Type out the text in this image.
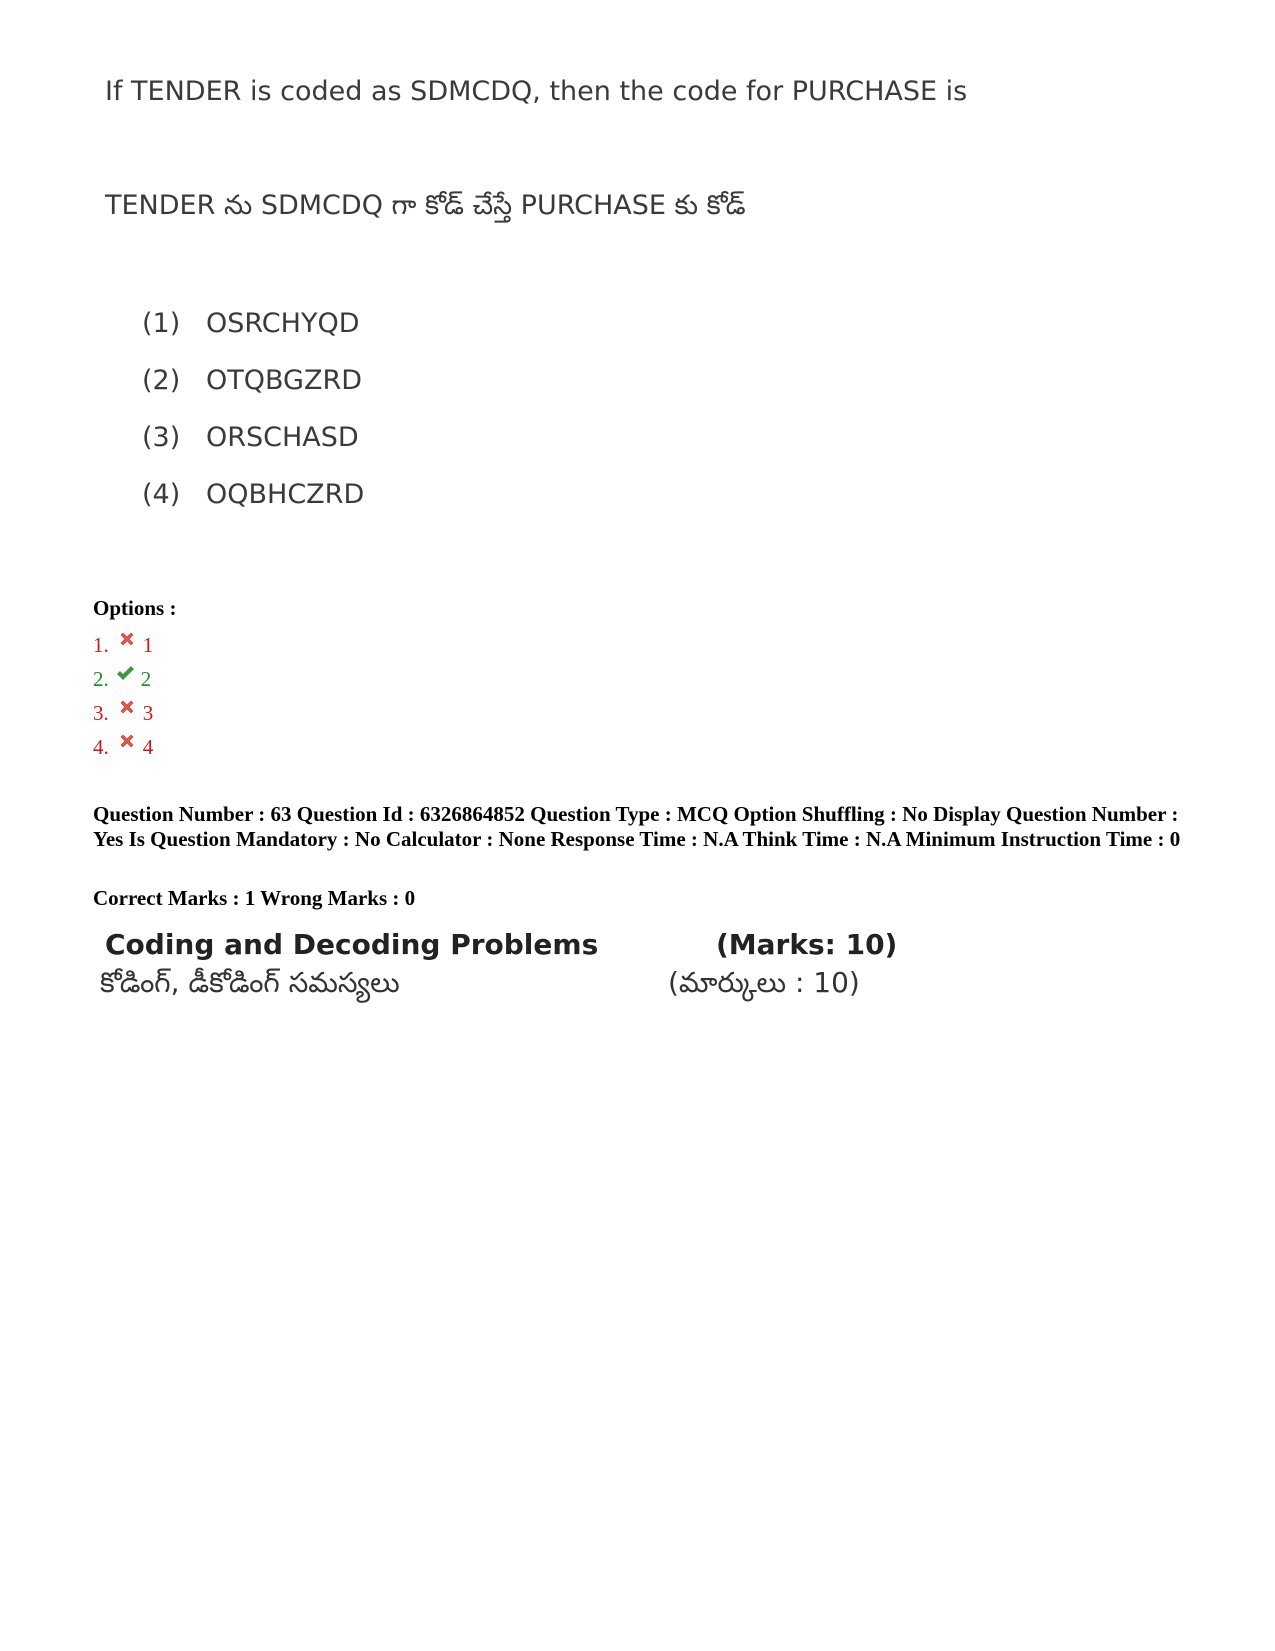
If TENDER is coded as SDMCDQ, then the code for PURCHASE is
TENDER ను SDMCDQ గా కోడ్ చేస్తే PURCHASE కు కోడ్
(1) OSRCHYQD
(2) OTQBGZRD
(3) ORSCHASD
(4) OQBHCZRD
Options :
1. 1
2. 2
3. 3
4. 4
Question Number : 63 Question Id : 6326864852 Question Type : MCQ Option Shuffling : No Display Question Number : Yes Is Question Mandatory : No Calculator : None Response Time : N.A Think Time : N.A Minimum Instruction Time : 0
Correct Marks : 1 Wrong Marks : 0
Coding and Decoding Problems	(Marks: 10)
కోడింగ్, డీకోడింగ్ సమస్యలు	(మార్కులు : 10)
